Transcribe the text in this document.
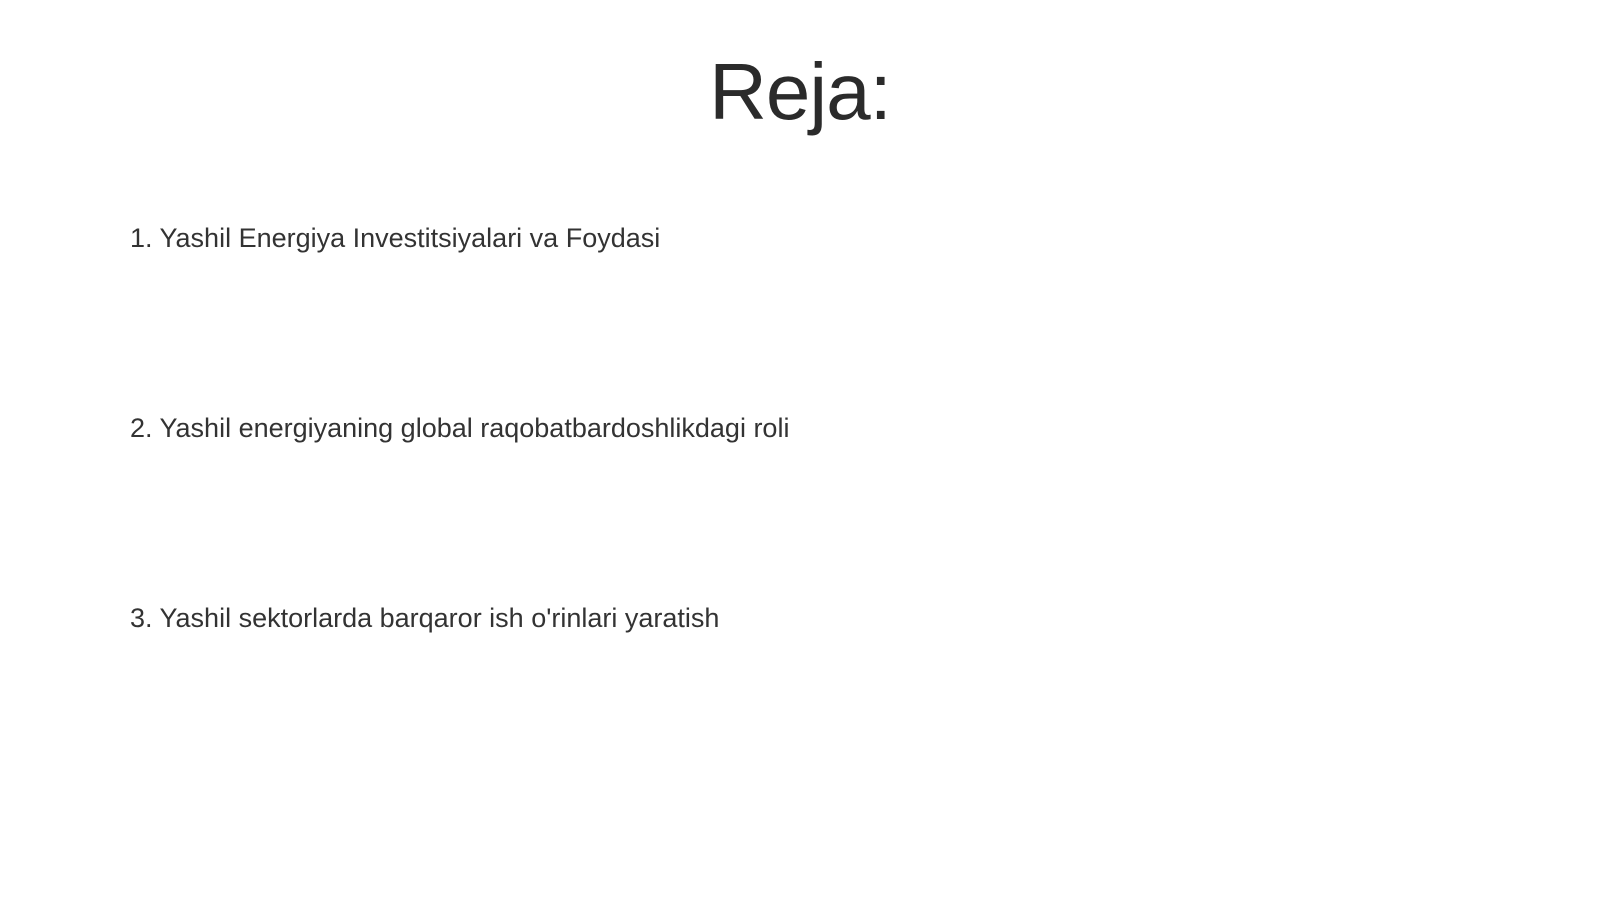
Reja:
1. Yashil Energiya Investitsiyalari va Foydasi
2. Yashil energiyaning global raqobatbardoshlikdagi roli
3. Yashil sektorlarda barqaror ish o'rinlari yaratish
